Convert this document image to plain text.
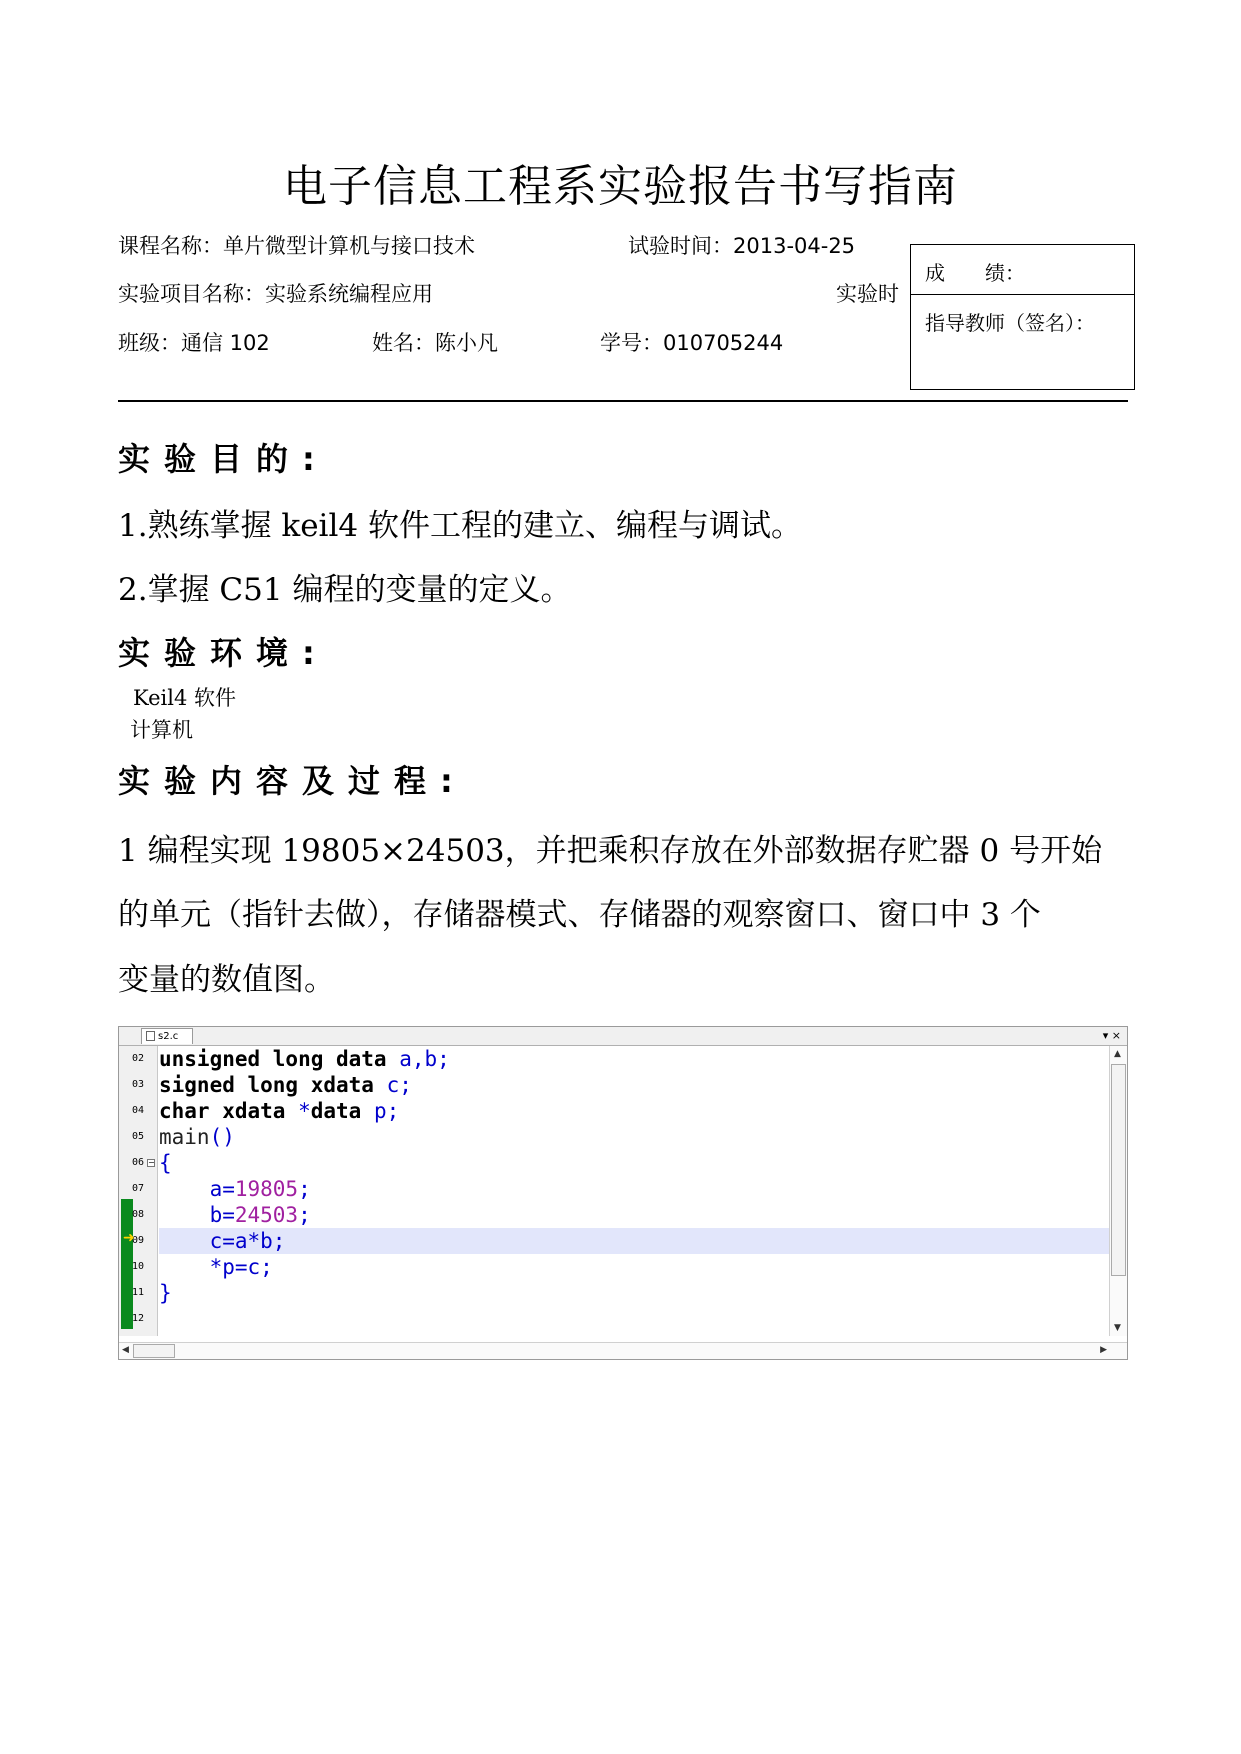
电子信息工程系实验报告书写指南
课程名称：单片微型计算机与接口技术	试验时间：2013-04-25
实验项目名称：实验系统编程应用	实验时
班级：通信 102	姓名：陈小凡	学号：010705244
成　　绩：
指导教师（签名）：
实验目的:
1.熟练掌握 keil4 软件工程的建立、编程与调试。
2.掌握 C51 编程的变量的定义。
实验环境:
Keil4 软件
计算机
实验内容及过程:
1 编程实现 19805×24503，并把乘积存放在外部数据存贮器 0 号开始
的单元（指针去做），存储器模式、存储器的观察窗口、窗口中 3 个
变量的数值图。
s2.c	▾ ×
02
03
04
05
06
07
08
09
10
11
12
➜
−
unsigned long data a,b;
signed long xdata c;
char xdata *data p;
main()
{
a=19805;
b=24503;
c=a*b;
*p=c;
}
▲
▼
◀	▶
